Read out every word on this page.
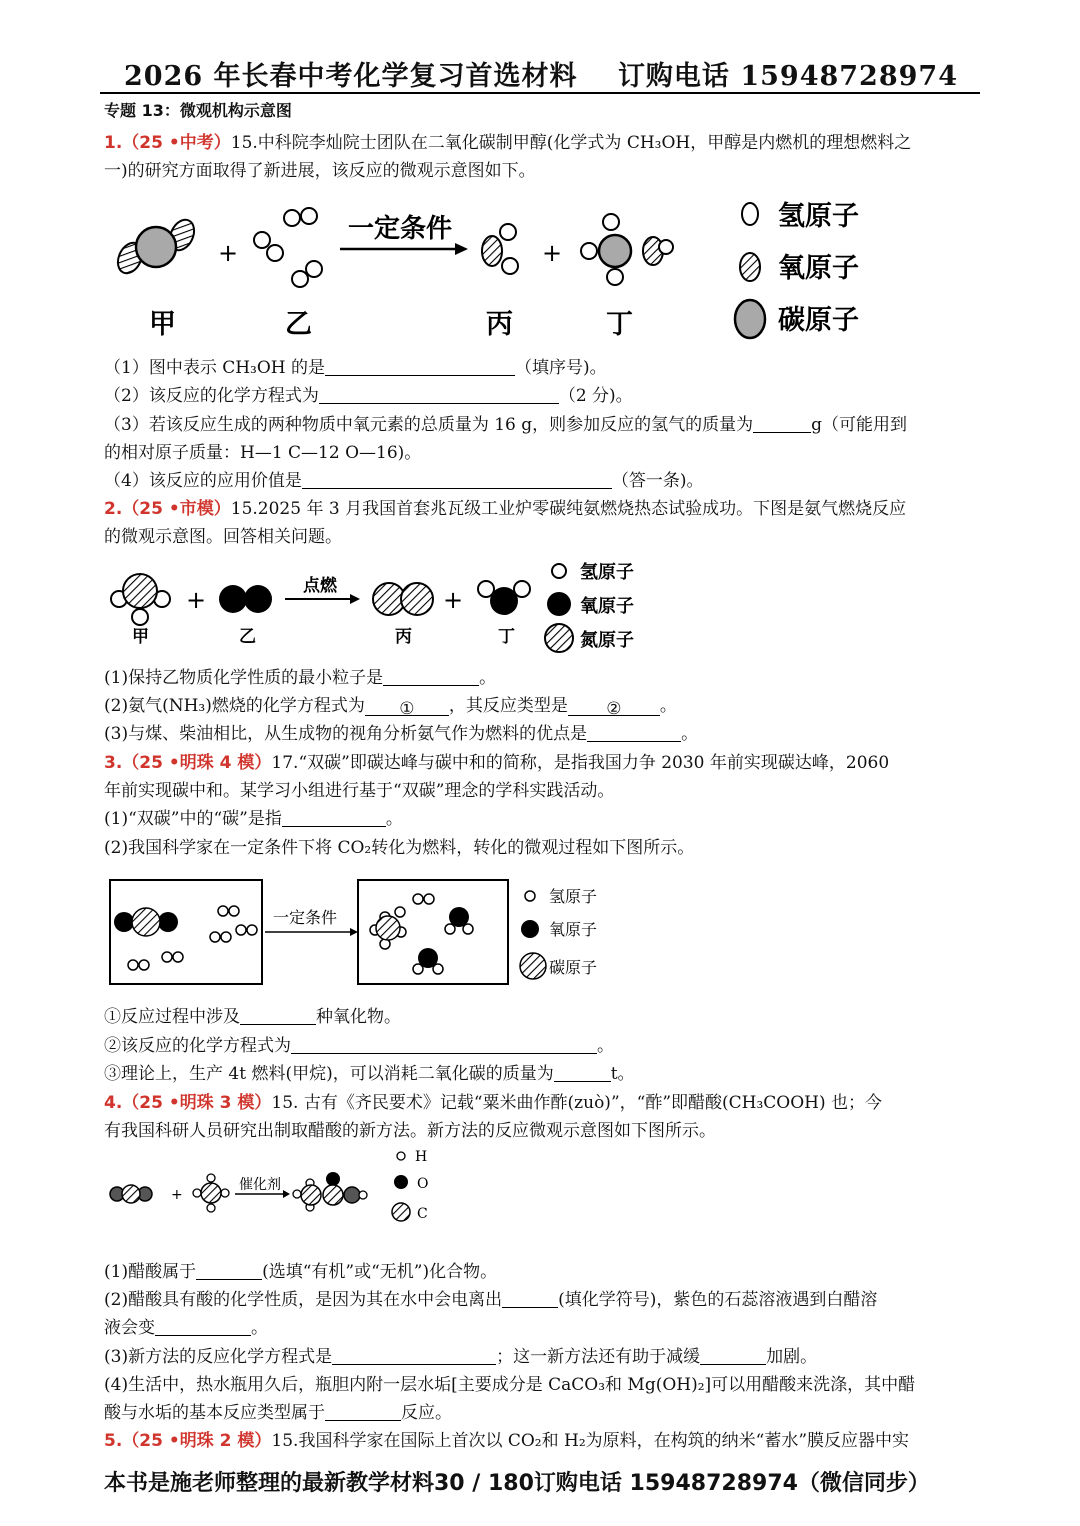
2026 年长春中考化学复习首选材料 订购电话 15948728974
专题 13：微观机构示意图
1.（25 •中考）15.中科院李灿院士团队在二氧化碳制甲醇(化学式为 CH₃OH，甲醇是内燃机的理想燃料之
一)的研究方面取得了新进展，该反应的微观示意图如下。
+
一定条件
+
甲	乙	丙	丁
氢原子
氧原子
碳原子
（1）图中表示 CH₃OH 的是	（填序号)。
（2）该反应的化学方程式为	（2 分)。
（3）若该反应生成的两种物质中氧元素的总质量为 16 g，则参加反应的氢气的质量为	g（可能用到
的相对原子质量：H—1 C—12 O—16)。
（4）该反应的应用价值是	（答一条)。
2.（25 •市模）15.2025 年 3 月我国首套兆瓦级工业炉零碳纯氨燃烧热态试验成功。下图是氨气燃烧反应
的微观示意图。回答相关问题。
+	点燃	+
甲	乙	丙	丁
氢原子
氧原子
氮原子
(1)保持乙物质化学性质的最小粒子是	。
(2)氨气(NH₃)燃烧的化学方程式为 ① ，其反应类型是 ② 。
(3)与煤、柴油相比，从生成物的视角分析氨气作为燃料的优点是	。
3.（25 •明珠 4 模）17.“双碳”即碳达峰与碳中和的简称，是指我国力争 2030 年前实现碳达峰，2060
年前实现碳中和。某学习小组进行基于“双碳”理念的学科实践活动。
(1)“双碳”中的“碳”是指	。
(2)我国科学家在一定条件下将 CO₂转化为燃料，转化的微观过程如下图所示。
一定条件
氢原子
氧原子
碳原子
①反应过程中涉及	种氧化物。
②该反应的化学方程式为	。
③理论上，生产 4t 燃料(甲烷)，可以消耗二氧化碳的质量为	t。
4.（25 •明珠 3 模）15. 古有《齐民要术》记载“粟米曲作酢(zuò)”，“酢”即醋酸(CH₃COOH) 也；今
有我国科研人员研究出制取醋酸的新方法。新方法的反应微观示意图如下图所示。
+
催化剂
H
O
C
(1)醋酸属于	(选填“有机”或“无机”)化合物。
(2)醋酸具有酸的化学性质，是因为其在水中会电离出	(填化学符号)，紫色的石蕊溶液遇到白醋溶
液会变	。
(3)新方法的反应化学方程式是	；这一新方法还有助于减缓	加剧。
(4)生活中，热水瓶用久后，瓶胆内附一层水垢[主要成分是 CaCO₃和 Mg(OH)₂]可以用醋酸来洗涤，其中醋
酸与水垢的基本反应类型属于	反应。
5.（25 •明珠 2 模）15.我国科学家在国际上首次以 CO₂和 H₂为原料，在构筑的纳米“蓄水”膜反应器中实
本书是施老师整理的最新教学材料30 / 180订购电话 15948728974（微信同步）
